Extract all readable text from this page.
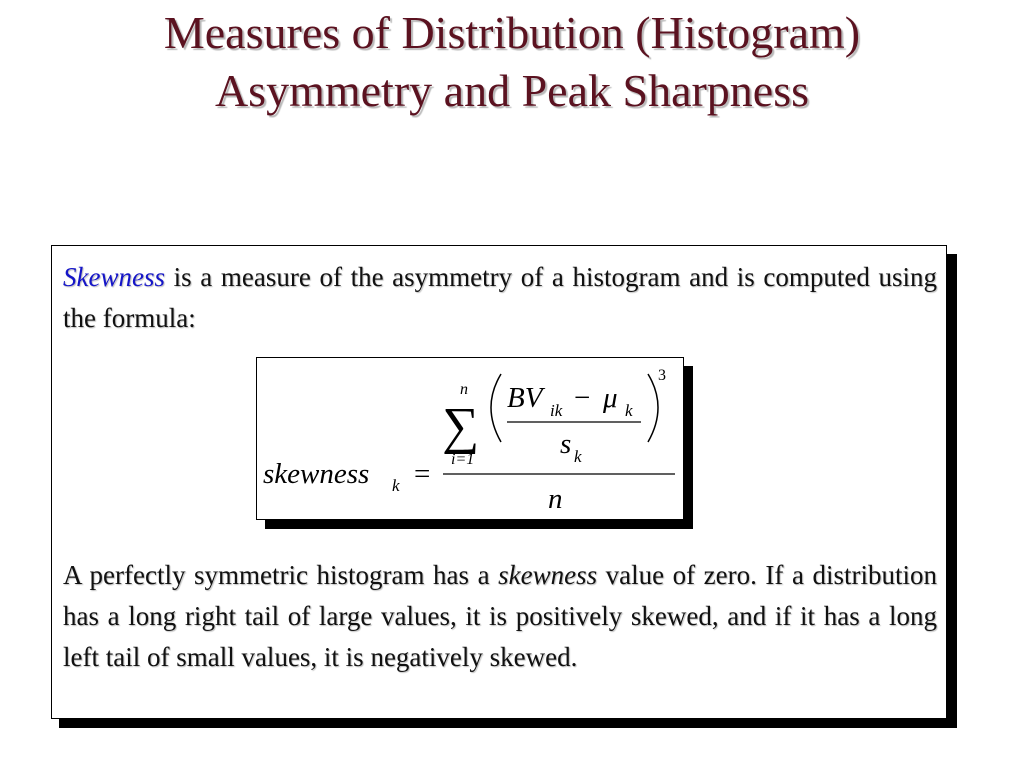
Measures of Distribution (Histogram)
Asymmetry and Peak Sharpness

Skewness is a measure of the asymmetry of a histogram and is computed using the formula:

A perfectly symmetric histogram has a skewness value of zero. If a distribution has a long right tail of large values, it is positively skewed, and if it has a long left tail of small values, it is negatively skewed.

skewness k =
n
∑
i=1
BV ik − μ k
s k
3
n
